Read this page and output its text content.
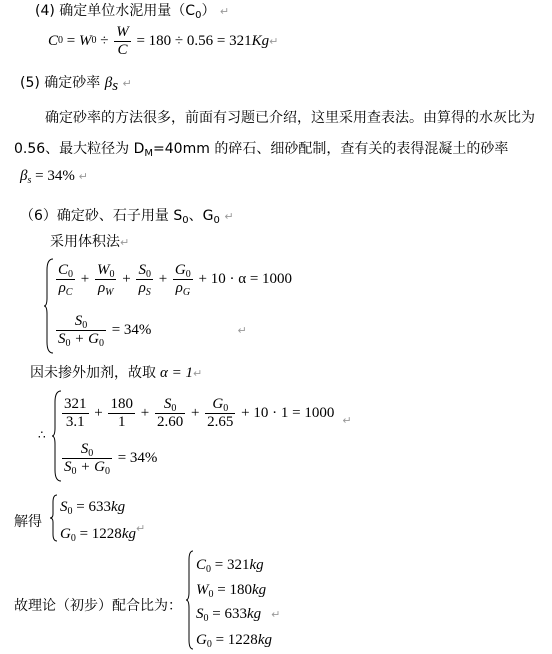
(4) 确定单位水泥用量$(C_0)$ ↵
C 0 = W $0 \div \frac{W}{C} = 180 \div 0.56 = 321$ Kg ↵
(5) 确定砂率 $\beta_s$ ↵
确定砂率的方法很多，前面有习题已介绍，这里采用查表法。由算得的水灰比为
0.56、最大粒径为 $D_M=40mm$ 的碎石、细砂配制，查有关的表得混凝土的砂率
$\beta_s = 34\%$ ↵
（6）确定砂、石子用量 $S_0$、$G_0$ ↵
采用体积法↵
$\frac{C_0}{\rho_C} + \frac{W_0}{\rho_W} + \frac{S_0}{\rho_S} + \frac{G_0}{\rho_G} + 10 \cdot \alpha = 1000$
$\frac{S_0}{S_0 + G_0} = 34\%$	↵
因未掺外加剂，故取 α = 1↵
∴
$\frac{321}{3.1} + \frac{180}{1} + \frac{S_0}{2.60} + \frac{G_0}{2.65} + 10 \cdot 1 = 1000$ ↵
$\frac{S_0}{S_0 + G_0} = 34\%$
解得
$S_0 = 633kg$
$G_0 = 1228kg^↵$
故理论（初步）配合比为：
$C_0 = 321kg$
$W_0 = 180kg$
$S_0 = 633kg$ ↵
$G_0 = 1228kg$
